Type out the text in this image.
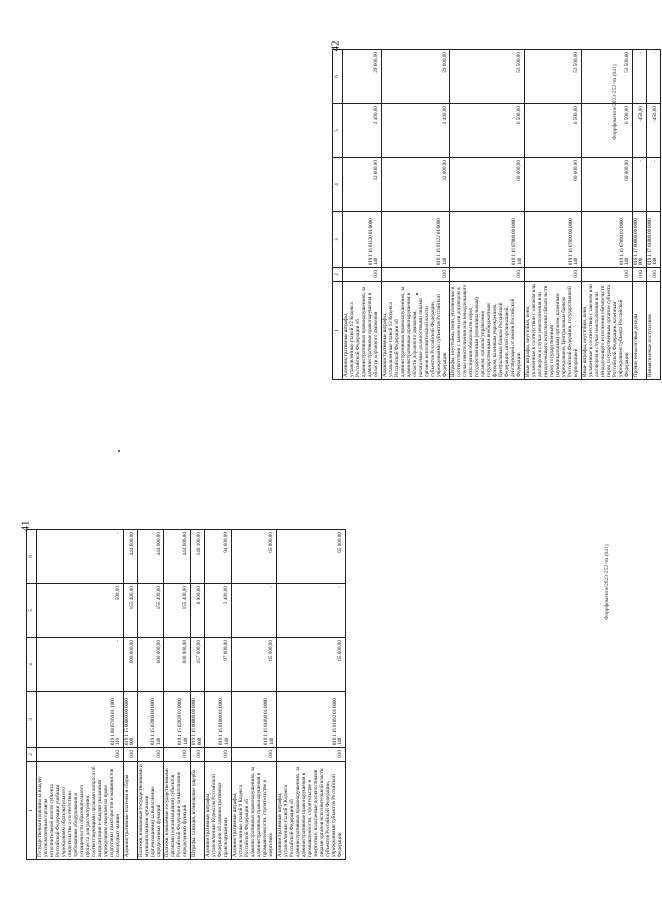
41
42
1	2	3	4	5	6
Государственная пошлина за выдачу уполномоченным органом исполнительной власти субъекта Российской Федерации учебным учреждениям образовательного свидетельства о соответствии требованиям оборудования и оснащенности образовательного процесса для рассмотрения соответствующими органами вопроса об аккредитации и выдачи указанным учреждениям лицензии на право подготовки трактористов и машинистов самоходных машин	010	019 1 08 07160 01 1000 110	-	500,00	-
Административные платежи и сборы	010	019 1 15 00000 00 0000 000	600 000,00	155 400,00	444 600,00
Платежи, взимаемые государственными и муниципальными органами (организациями) за выполнение определенных функций	010	019 1 15 02000 00 0000 140	600 000,00	155 400,00	444 600,00
Платежи, взимаемые государственными органами (организациями) субъектов Российской Федерации за выполнение определенных функций	010	019 1 15 02020 02 0000 140	600 000,00	155 400,00	444 600,00
Штрафы, санкции, возмещение ущерба	010	019 1 16 00000 00 0000 000	157 000,00	8 900,00	148 100,00
Административные штрафы, установленные Кодексом Российской Федерации об административных правонарушениях	010	019 1 16 01000 01 0000 140	97 000,00	2 400,00	94 600,00
Административные штрафы, установленные главой 9 Кодекса Российской Федерации об административных правонарушениях, за административные правонарушения в промышленности, строительстве и энергетике	010	019 1 16 01090 01 0000 140	65 000,00	-	65 000,00
Административные штрафы, установленные главой 9 Кодекса Российской Федерации об административных правонарушениях, за административные правонарушения в промышленности, строительстве и энергетике, налагаемые должностными лицами органов исполнительной власти субъектов Российской Федерации, учреждениями субъектов Российской Федерации	010	019 1 16 01092 01 0000 140	65 000,00	-	65 000,00
1	2	3	4	5	6
Административные штрафы, установленные главой 12 Кодекса Российской Федерации об административных правонарушениях, за административные правонарушения в области дорожного движения	010	019 1 16 01120 01 0000 140	32 000,00	2 400,00	29 600,00
Административные штрафы, установленные главой 12 Кодекса Российской Федерации об административных правонарушениях, за административные правонарушения в области дорожного движения, налагаемые должностными лицами органов исполнительной власти субъектов Российской Федерации, учреждениями субъектов Российской Федерации	010	019 1 16 01122 01 0000 140	32 000,00	2 400,00	29 600,00
Штрафы, неустойки, пени, уплаченные в соответствии с законом или договором в случае неисполнения или ненадлежащего исполнения обязательств перед государственным (муниципальным) органом, органом управления государственным внебюджетным фондом, казенным учреждением, Центральным банком Российской Федерации, иной организацией, действующей от имени Российской Федерации	010	019 1 16 07000 00 0000 140	60 000,00	6 500,00	53 500,00
Иные штрафы, неустойки, пени, уплаченные в соответствии с законом или договором в случае неисполнения или ненадлежащего исполнения обязательств перед государственным (муниципальным) органом, казенным учреждением, Центральным банком Российской Федерации, государственной корпорацией	010	019 1 16 07090 00 0000 140	60 000,00	6 500,00	53 500,00
Иные штрафы, неустойки, пени, уплаченные в соответствии с законом или договором в случае неисполнения или ненадлежащего исполнения обязательств перед государственным органом субъекта Российской Федерации, казенным учреждением субъекта Российской Федерации	010	019 1 16 07090 02 0000 140	60 000,00	6 500,00	53 500,00
Прочие неналоговые доходы	010	019 1 17 00000 00 0000 000	-	-450,00	-
Невыясненные поступления	010	019 1 17 01000 00 0000 180	-	-450,00	-
Форрфоментя/2023-252-тп.(041)
Форрфоментя/2023-252-тп.(041)
